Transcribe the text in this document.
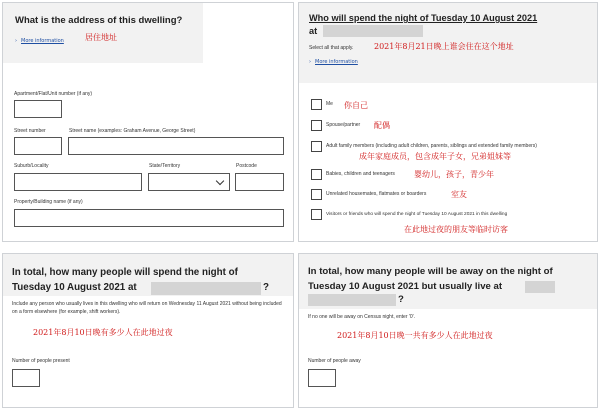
What is the address of this dwelling?
› More information	居住地址
Apartment/Flat/Unit number (if any)
Street number	Street name (examples: Graham Avenue, George Street)
Suburb/Locality	State/Territory	Postcode
Property/Building name (if any)
Who will spend the night of Tuesday 10 August 2021
at
Select all that apply.	2021年8月21日晚上谁会住在这个地址
› More information
Me 你自己
Spouse/partner 配偶
Adult family members (including adult children, parents, siblings and extended family members)
成年家庭成员，包含成年子女，兄弟姐妹等
Babies, children and teenagers 婴幼儿，孩子，青少年
Unrelated housemates, flatmates or boarders	室友
Visitors or friends who will spend the night of Tuesday 10 August 2021 in this dwelling
在此地过夜的朋友等临时访客
In total, how many people will spend the night of
Tuesday 10 August 2021 at	?
Include any person who usually lives in this dwelling who will return on Wednesday 11 August 2021 without being included on a form elsewhere (for example, shift workers).
2021年8月10日晚有多少人在此地过夜
Number of people present
In total, how many people will be away on the night of
Tuesday 10 August 2021 but usually live at
?
If no one will be away on Census night, enter '0'.
2021年8月10日晚一共有多少人在此地过夜
Number of people away
